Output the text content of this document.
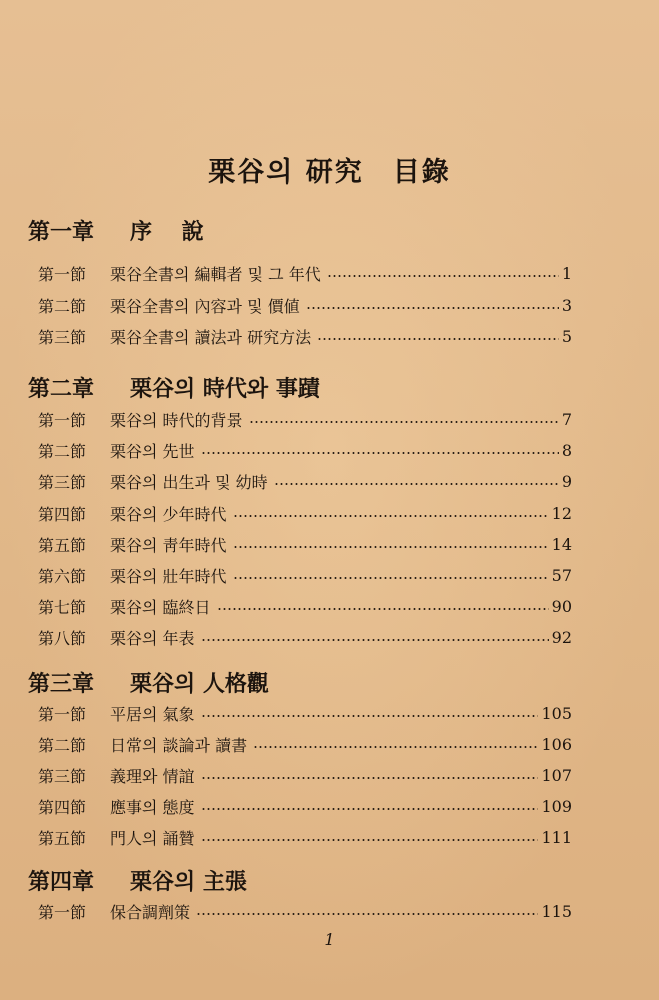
栗谷의 研究　目錄
第一章 序　 說
第一節	栗谷全書의 編輯者 및 그 年代	1
第二節	栗谷全書의 內容과 및 價値	3
第三節	栗谷全書의 讀法과 研究方法	5
第二章 栗谷의 時代와 事蹟
第一節	栗谷의 時代的背景	7
第二節	栗谷의 先世	8
第三節	栗谷의 出生과 및 幼時	9
第四節	栗谷의 少年時代	12
第五節	栗谷의 靑年時代	14
第六節	栗谷의 壯年時代	57
第七節	栗谷의 臨終日	90
第八節	栗谷의 年表	92
第三章 栗谷의 人格觀
第一節	平居의 氣象	105
第二節	日常의 談論과 讀書	106
第三節	義理와 情誼	107
第四節	應事의 態度	109
第五節	門人의 誦贊	111
第四章 栗谷의 主張
第一節	保合調劑策	115
1
